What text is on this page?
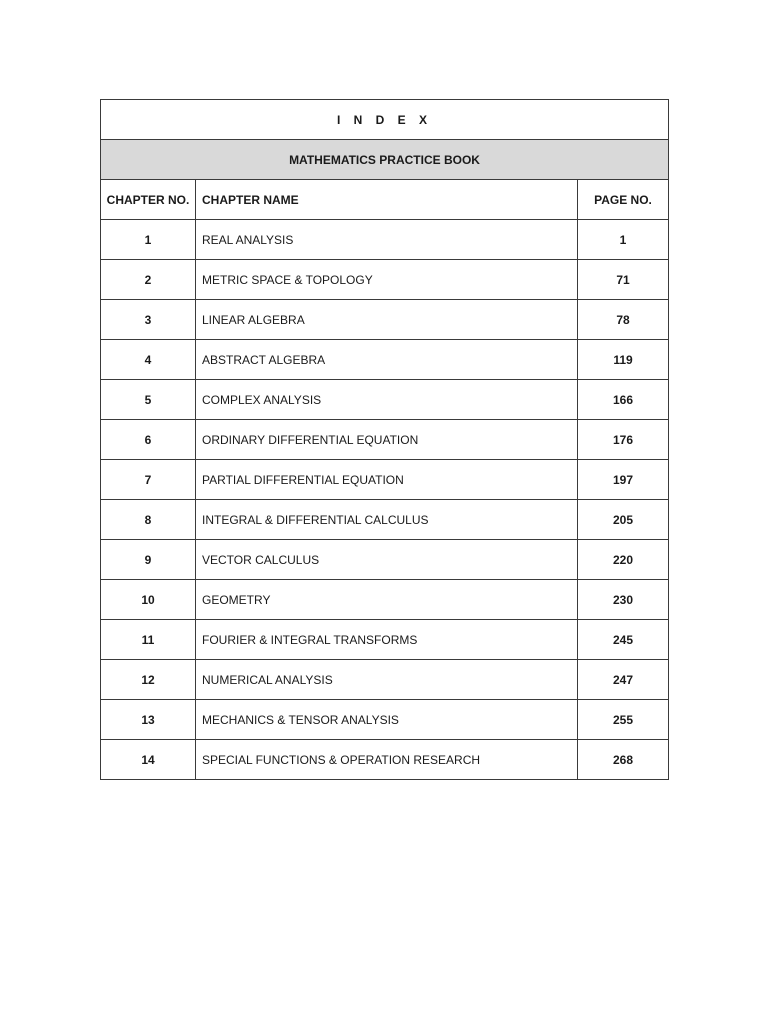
I N D E X		
MATHEMATICS PRACTICE BOOK		
CHAPTER NO.	CHAPTER NAME	PAGE NO.
1	REAL ANALYSIS	1
2	METRIC SPACE & TOPOLOGY	71
3	LINEAR ALGEBRA	78
4	ABSTRACT ALGEBRA	119
5	COMPLEX ANALYSIS	166
6	ORDINARY DIFFERENTIAL EQUATION	176
7	PARTIAL DIFFERENTIAL EQUATION	197
8	INTEGRAL & DIFFERENTIAL CALCULUS	205
9	VECTOR CALCULUS	220
10	GEOMETRY	230
11	FOURIER & INTEGRAL TRANSFORMS	245
12	NUMERICAL ANALYSIS	247
13	MECHANICS & TENSOR ANALYSIS	255
14	SPECIAL FUNCTIONS & OPERATION RESEARCH	268
